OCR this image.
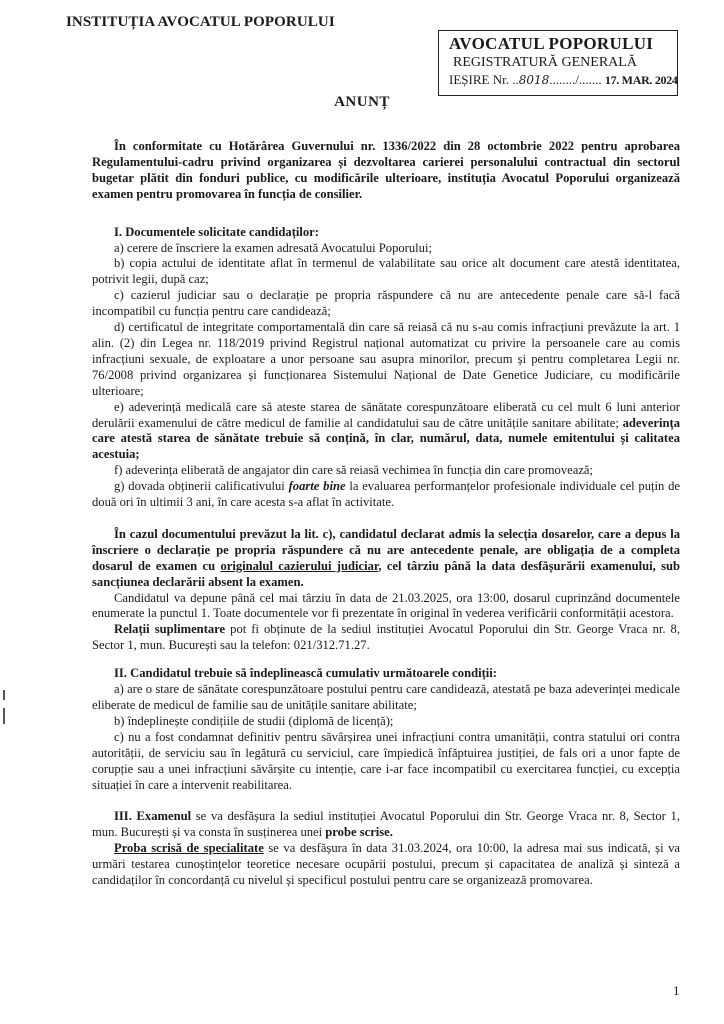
INSTITUȚIA AVOCATUL POPORULUI
AVOCATUL POPORULUI
REGISTRATURĂ GENERALĂ
IEȘIRE Nr. ..8018......../....... 17. MAR. 2024
ANUNȚ

În conformitate cu Hotărârea Guvernului nr. 1336/2022 din 28 octombrie 2022 pentru aprobarea Regulamentului-cadru privind organizarea și dezvoltarea carierei personalului contractual din sectorul bugetar plătit din fonduri publice, cu modificările ulterioare, instituția Avocatul Poporului organizează examen pentru promovarea în funcția de consilier.

I. Documentele solicitate candidaților:

a) cerere de înscriere la examen adresată Avocatului Poporului;

b) copia actului de identitate aflat în termenul de valabilitate sau orice alt document care atestă identitatea, potrivit legii, după caz;

c) cazierul judiciar sau o declarație pe propria răspundere că nu are antecedente penale care să-l facă incompatibil cu funcția pentru care candidează;

d) certificatul de integritate comportamentală din care să reiasă că nu s-au comis infracțiuni prevăzute la art. 1 alin. (2) din Legea nr. 118/2019 privind Registrul național automatizat cu privire la persoanele care au comis infracțiuni sexuale, de exploatare a unor persoane sau asupra minorilor, precum și pentru completarea Legii nr. 76/2008 privind organizarea și funcționarea Sistemului Național de Date Genetice Judiciare, cu modificările ulterioare;

e) adeverință medicală care să ateste starea de sănătate corespunzătoare eliberată cu cel mult 6 luni anterior derulării examenului de către medicul de familie al candidatului sau de către unitățile sanitare abilitate; adeverința care atestă starea de sănătate trebuie să conțină, în clar, numărul, data, numele emitentului și calitatea acestuia;

f) adeverința eliberată de angajator din care să reiasă vechimea în funcția din care promovează;

g) dovada obținerii calificativului foarte bine la evaluarea performanțelor profesionale individuale cel puțin de două ori în ultimii 3 ani, în care acesta s-a aflat în activitate.

În cazul documentului prevăzut la lit. c), candidatul declarat admis la selecția dosarelor, care a depus la înscriere o declarație pe propria răspundere că nu are antecedente penale, are obligația de a completa dosarul de examen cu originalul cazierului judiciar, cel târziu până la data desfășurării examenului, sub sancțiunea declarării absent la examen.

Candidatul va depune până cel mai târziu în data de 21.03.2025, ora 13:00, dosarul cuprinzând documentele enumerate la punctul 1. Toate documentele vor fi prezentate în original în vederea verificării conformității acestora.

Relații suplimentare pot fi obținute de la sediul instituției Avocatul Poporului din Str. George Vraca nr. 8, Sector 1, mun. București sau la telefon: 021/312.71.27.

II. Candidatul trebuie să îndeplinească cumulativ următoarele condiții:

a) are o stare de sănătate corespunzătoare postului pentru care candidează, atestată pe baza adeverinței medicale eliberate de medicul de familie sau de unitățile sanitare abilitate;

b) îndeplinește condițiile de studii (diplomă de licență);

c) nu a fost condamnat definitiv pentru săvârșirea unei infracțiuni contra umanității, contra statului ori contra autorității, de serviciu sau în legătură cu serviciul, care împiedică înfăptuirea justiției, de fals ori a unor fapte de corupție sau a unei infracțiuni săvârșite cu intenție, care i-ar face incompatibil cu exercitarea funcției, cu excepția situației în care a intervenit reabilitarea.

III. Examenul se va desfășura la sediul instituției Avocatul Poporului din Str. George Vraca nr. 8, Sector 1, mun. București și va consta în susținerea unei probe scrise.

Proba scrisă de specialitate se va desfășura în data 31.03.2024, ora 10:00, la adresa mai sus indicată, și va urmări testarea cunoștințelor teoretice necesare ocupării postului, precum și capacitatea de analiză și sinteză a candidaților în concordanță cu nivelul și specificul postului pentru care se organizează promovarea.

1
